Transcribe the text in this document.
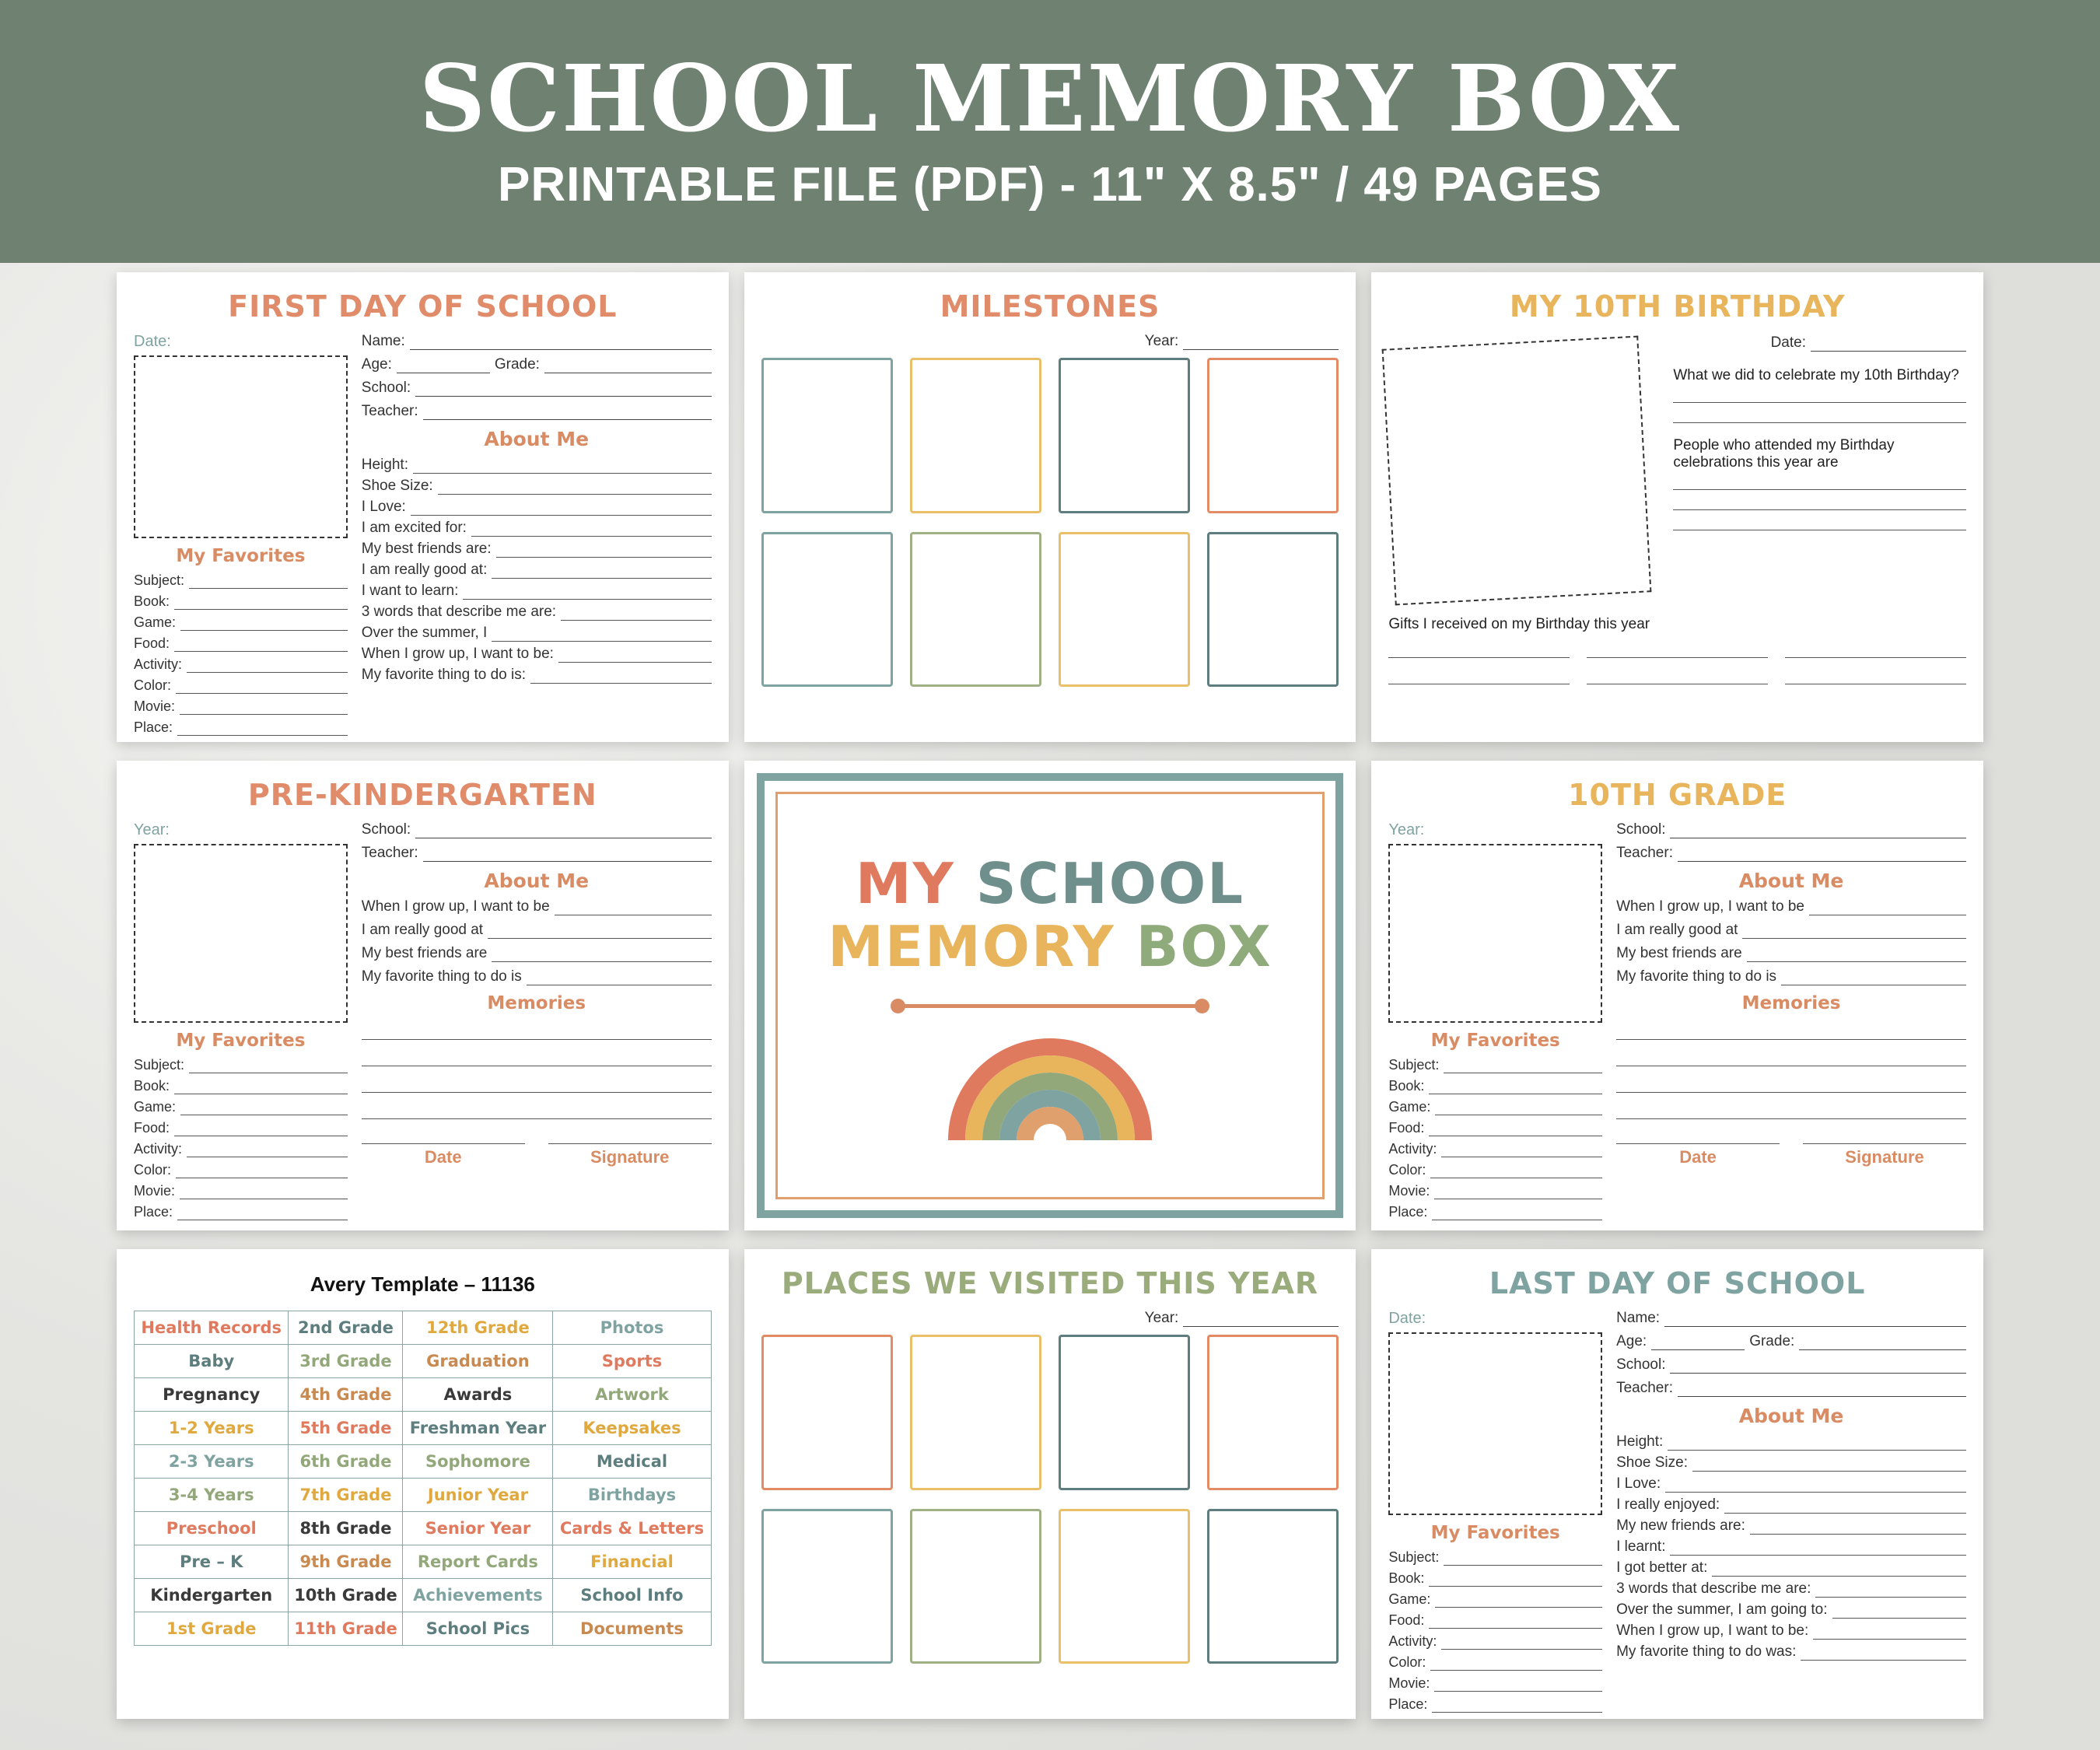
SCHOOL MEMORY BOX
PRINTABLE FILE (PDF) - 11" X 8.5" / 49 PAGES
FIRST DAY OF SCHOOL
Date:
My Favorites
Subject:
Book:
Game:
Food:
Activity:
Color:
Movie:
Place:
Name:
Age:	Grade:
School:
Teacher:
About Me
Height:
Shoe Size:
I Love:
I am excited for:
My best friends are:
I am really good at:
I want to learn:
3 words that describe me are:
Over the summer, I
When I grow up, I want to be:
My favorite thing to do is:
MILESTONES
Year:
MY 10TH BIRTHDAY
Date:
What we did to celebrate my 10th Birthday?
People who attended my Birthday celebrations this year are
Gifts I received on my Birthday this year
PRE-KINDERGARTEN
Year:
My Favorites
Subject:
Book:
Game:
Food:
Activity:
Color:
Movie:
Place:
School:
Teacher:
About Me
When I grow up, I want to be
I am really good at
My best friends are
My favorite thing to do is
Memories
Date	Signature
MY SCHOOL
MEMORY BOX
10TH GRADE
Year:
My Favorites
Subject:
Book:
Game:
Food:
Activity:
Color:
Movie:
Place:
School:
Teacher:
About Me
When I grow up, I want to be
I am really good at
My best friends are
My favorite thing to do is
Memories
Date	Signature
Avery Template – 11136
Health Records	2nd Grade	12th Grade	Photos
Baby	3rd Grade	Graduation	Sports
Pregnancy	4th Grade	Awards	Artwork
1-2 Years	5th Grade	Freshman Year	Keepsakes
2-3 Years	6th Grade	Sophomore	Medical
3-4 Years	7th Grade	Junior Year	Birthdays
Preschool	8th Grade	Senior Year	Cards & Letters
Pre – K	9th Grade	Report Cards	Financial
Kindergarten	10th Grade	Achievements	School Info
1st Grade	11th Grade	School Pics	Documents
PLACES WE VISITED THIS YEAR
Year:
LAST DAY OF SCHOOL
Date:
My Favorites
Subject:
Book:
Game:
Food:
Activity:
Color:
Movie:
Place:
Name:
Age:	Grade:
School:
Teacher:
About Me
Height:
Shoe Size:
I Love:
I really enjoyed:
My new friends are:
I learnt:
I got better at:
3 words that describe me are:
Over the summer, I am going to:
When I grow up, I want to be:
My favorite thing to do was:
